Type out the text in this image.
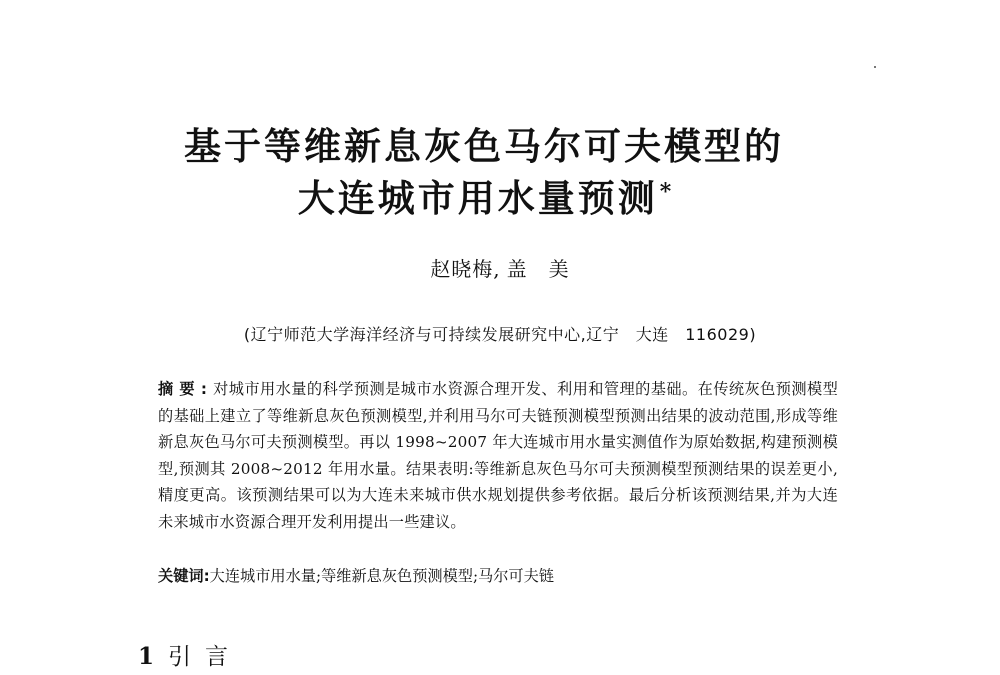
基于等维新息灰色马尔可夫模型的
大连城市用水量预测*
赵晓梅, 盖　美
(辽宁师范大学海洋经济与可持续发展研究中心,辽宁　大连　116029)
摘要:对城市用水量的科学预测是城市水资源合理开发、利用和管理的基础。在传统灰色预测模型的基础上建立了等维新息灰色预测模型,并利用马尔可夫链预测模型预测出结果的波动范围,形成等维新息灰色马尔可夫预测模型。再以 1998~2007 年大连城市用水量实测值作为原始数据,构建预测模型,预测其 2008~2012 年用水量。结果表明:等维新息灰色马尔可夫预测模型预测结果的误差更小,精度更高。该预测结果可以为大连未来城市供水规划提供参考依据。最后分析该预测结果,并为大连未来城市水资源合理开发利用提出一些建议。
关键词:大连城市用水量;等维新息灰色预测模型;马尔可夫链
1 引言
